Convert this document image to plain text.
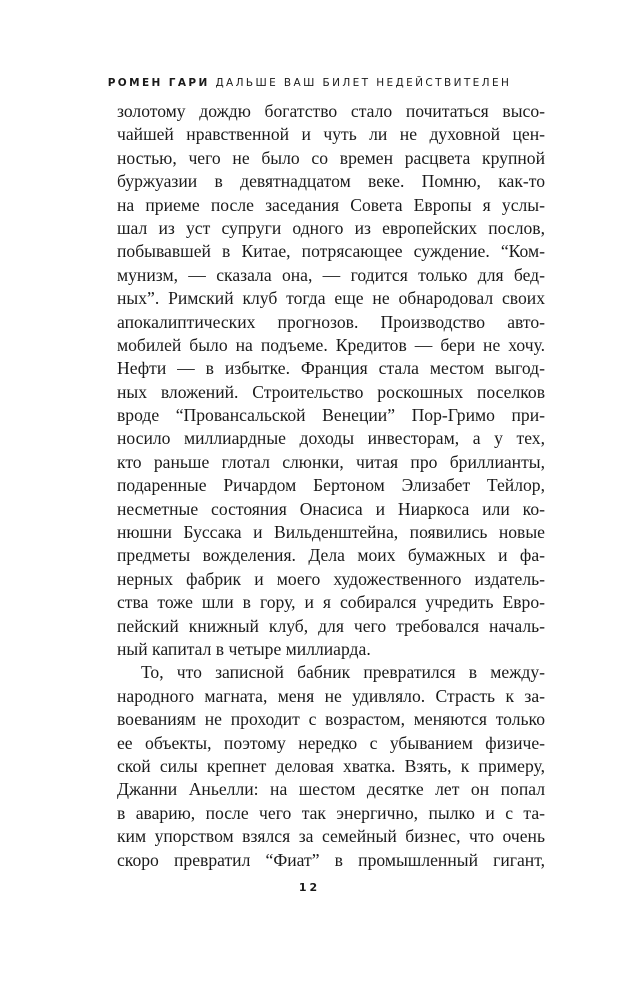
РОМЕН ГАРИ ДАЛЬШЕ ВАШ БИЛЕТ НЕДЕЙСТВИТЕЛЕН
золотому дождю богатство стало почитаться высо-
чайшей нравственной и чуть ли не духовной цен-
ностью, чего не было со времен расцвета крупной
буржуазии в девятнадцатом веке. Помню, как-то
на приеме после заседания Совета Европы я услы-
шал из уст супруги одного из европейских послов,
побывавшей в Китае, потрясающее суждение. “Ком-
мунизм, — сказала она, — годится только для бед-
ных”. Римский клуб тогда еще не обнародовал своих
апокалиптических прогнозов. Производство авто-
мобилей было на подъеме. Кредитов — бери не хочу.
Нефти — в избытке. Франция стала местом выгод-
ных вложений. Строительство роскошных поселков
вроде “Провансальской Венеции” Пор-Гримо при-
носило миллиардные доходы инвесторам, а у тех,
кто раньше глотал слюнки, читая про бриллианты,
подаренные Ричардом Бертоном Элизабет Тейлор,
несметные состояния Онасиса и Ниаркоса или ко-
нюшни Буссака и Вильденштейна, появились новые
предметы вожделения. Дела моих бумажных и фа-
нерных фабрик и моего художественного издатель-
ства тоже шли в гору, и я собирался учредить Евро-
пейский книжный клуб, для чего требовался началь-
ный капитал в четыре миллиарда.
То, что записной бабник превратился в между-
народного магната, меня не удивляло. Страсть к за-
воеваниям не проходит с возрастом, меняются только
ее объекты, поэтому нередко с убыванием физиче-
ской силы крепнет деловая хватка. Взять, к примеру,
Джанни Аньелли: на шестом десятке лет он попал
в аварию, после чего так энергично, пылко и с та-
ким упорством взялся за семейный бизнес, что очень
скоро превратил “Фиат” в промышленный гигант,
12
